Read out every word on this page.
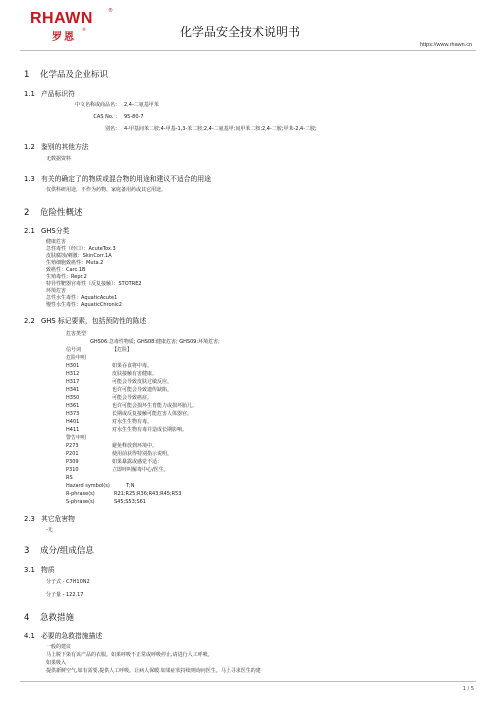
RHAWN	®
罗恩
®	化学品安全技术说明书
https://www.rhawn.cn
1 化学品及企业标识
1.1 产品标识符
中文名称或商品名： 2,4-二氨基甲苯
CAS No. ： 95-80-7
别名： 4-甲基间苯二胺;4-甲基-1,3-苯二胺;2,4-二氨基甲;间甲苯二胺;2,4-二胺;甲苯-2,4-二胺;
1.2 鉴别的其他方法
无数据资料
1.3 有关的确定了的物质或混合物的用途和建议不适合的用途
仅供科研用途，不作为药物、家庭备用药或其它用途。
2 危险性概述
2.1 GHS分类
健康危害
急性毒性（经口）：AcuteTox.3
皮肤腐蚀/刺激：SkinCorr.1A
生殖细胞致癌性：Muta.2
致癌性：Carc.1B
生殖毒性：Repr.2
特异性靶器官毒性（反复接触）：STOTRE2
环境危害
急性水生毒性：AquaticAcute1
慢性水生毒性：AquaticChronic2
2.2 GHS 标记要素，包括预防性的陈述
危害类型
GHS06:急毒性物质; GHS08:健康危害; GHS09:环境危害;
信号词	【危险】
危险申明
H301	如果吞食将中毒。
H312	皮肤接触有害健康。
H317	可能会导致皮肤过敏反应。
H341	也许可能会导致遗传缺陷。
H350	可能会导致癌症。
H361	也许可能会损坏生育能力或损坏胎儿。
H373	长期或反复接触可能危害人体器官。
H401	对水生生物有毒。
H411	对水生生物有毒并造成长期影响。
警告申明
P273	避免释放到环境中。
P201	使用前获得特别指示说明。
P309	如果暴露或感觉不适：
P310	立即呼叫解毒中心/医生。
RS
Hazard symbol(s)	T;N
R-phrase(s)	R21;R25;R36;R43;R45;R53
S-phrase(s)	S45;S53;S61
2.3 其它危害物
-无
3 成分/组成信息
3.1 物质
分子式 - C7H10N2
分子量 - 122.17
4 急救措施
4.1 必要的急救措施描述
一般的建议
马上脱下染有该产品的衣服。如果呼吸不正常或呼吸停止,请进行人工呼吸。
如果吸入
提供新鲜空气,如有需要,提供人工呼吸。让病人保暖.如果症状持续则询问医生。马上寻求医生的建
1 / 5
